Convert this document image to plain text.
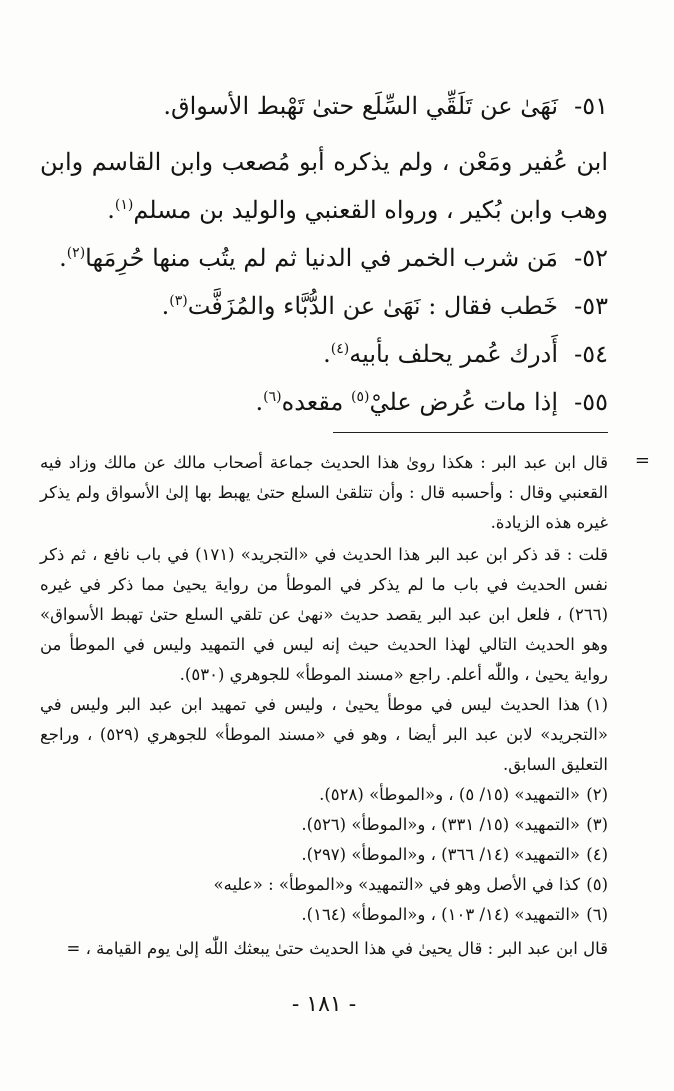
٥١-نَهَىٰ عن تَلَقِّي السِّلَع حتىٰ تَهْبط الأسواق.

ابن عُفير ومَعْن ، ولم يذكره أبو مُصعب وابن القاسم وابن وهب وابن بُكير ، ورواه القعنبي والوليد بن مسلم$^{(١)}$.

٥٢-مَن شرب الخمر في الدنيا ثم لم يتُب منها حُرِمَها$^{(٢)}$.

٥٣-خَطب فقال : نَهَىٰ عن الدُّبَّاء والمُزَفَّت$^{(٣)}$.

٥٤-أَدرك عُمر يحلف بأبيه$^{(٤)}$.

٥٥-إذا مات عُرض عليْ$^{(٥)}$ مقعده$^{(٦)}$.

=

قال ابن عبد البر : هكذا روىٰ هذا الحديث جماعة أصحاب مالك عن مالك وزاد فيه القعنبي وقال : وأحسبه قال : وأن تتلقىٰ السلع حتىٰ يهبط بها إلىٰ الأسواق ولم يذكر غيره هذه الزيادة.

قلت : قد ذكر ابن عبد البر هذا الحديث في «التجريد» (١٧١) في باب نافع ، ثم ذكر نفس الحديث في باب ما لم يذكر في الموطأ من رواية يحيىٰ مما ذكر في غيره (٢٦٦) ، فلعل ابن عبد البر يقصد حديث «نهىٰ عن تلقي السلع حتىٰ تهبط الأسواق» وهو الحديث التالي لهذا الحديث حيث إنه ليس في التمهيد وليس في الموطأ من رواية يحيىٰ ، واللّٰه أعلم. راجع «مسند الموطأ» للجوهري (٥٣٠).

(١)هذا الحديث ليس في موطأ يحيىٰ ، وليس في تمهيد ابن عبد البر وليس في «التجريد» لابن عبد البر أيضا ، وهو في «مسند الموطأ» للجوهري (٥٢٩) ، وراجع التعليق السابق.

(٢)«التمهيد» (١٥/ ٥) ، و«الموطأ» (٥٢٨).

(٣)«التمهيد» (١٥/ ٣٣١) ، و«الموطأ» (٥٢٦).

(٤)«التمهيد» (١٤/ ٣٦٦) ، و«الموطأ» (٢٩٧).

(٥)كذا في الأصل وهو في «التمهيد» و«الموطأ» : «عليه»

(٦)«التمهيد» (١٤/ ١٠٣) ، و«الموطأ» (١٦٤).

قال ابن عبد البر : قال يحيىٰ في هذا الحديث حتىٰ يبعثك اللّٰه إلىٰ يوم القيامة ، =

- ١٨١ -
